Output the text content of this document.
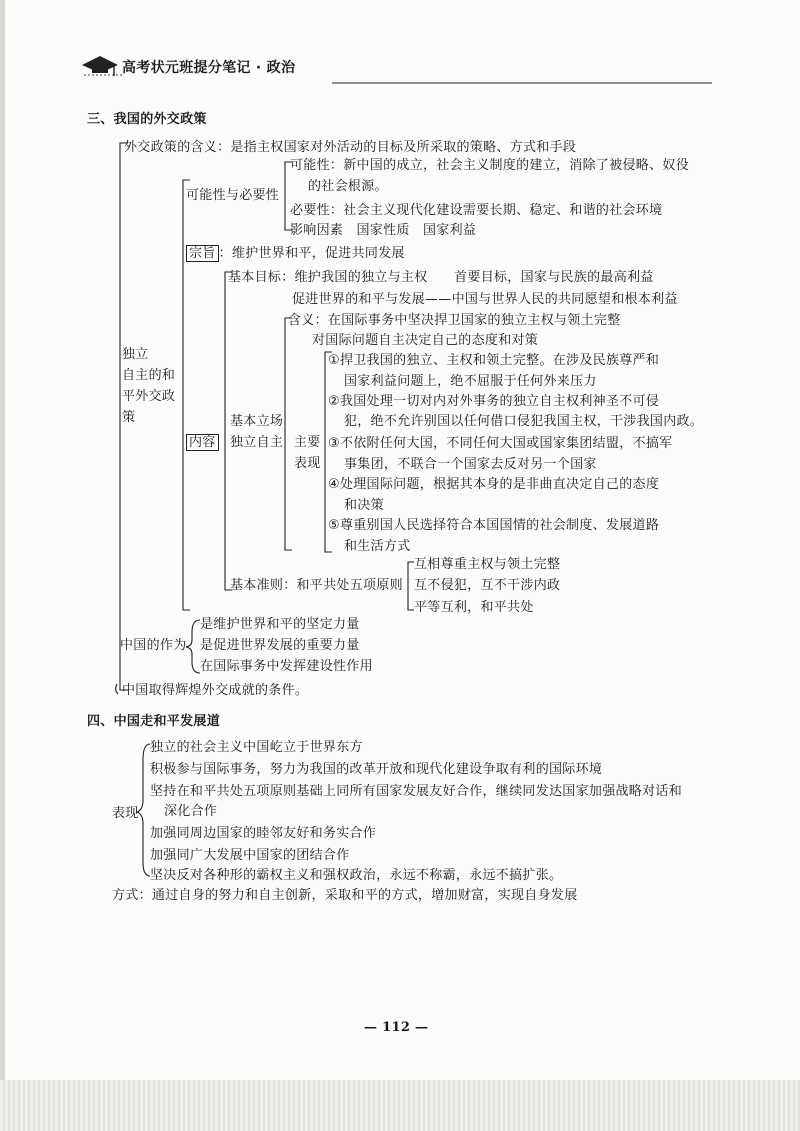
高考状元班提分笔记 · 政治
三、我国的外交政策
外交政策的含义：是指主权国家对外活动的目标及所采取的策略、方式和手段
可能性与必要性
可能性：新中国的成立，社会主义制度的建立，消除了被侵略、奴役
的社会根源。
必要性：社会主义现代化建设需要长期、稳定、和谐的社会环境
影响因素　国家性质　国家利益
宗旨 ：维护世界和平，促进共同发展
独立
自主的和
平外交政
策
内容
基本目标：维护我国的独立与主权　　首要目标，国家与民族的最高利益
促进世界的和平与发展——中国与世界人民的共同愿望和根本利益
基本立场
独立自主
含义：在国际事务中坚决捍卫国家的独立主权与领土完整
对国际问题自主决定自己的态度和对策
主要
表现
①捍卫我国的独立、主权和领土完整。在涉及民族尊严和
国家利益问题上，绝不屈服于任何外来压力
②我国处理一切对内对外事务的独立自主权利神圣不可侵
犯，绝不允许别国以任何借口侵犯我国主权，干涉我国内政。
③不依附任何大国，不同任何大国或国家集团结盟，不搞军
事集团，不联合一个国家去反对另一个国家
④处理国际问题，根据其本身的是非曲直决定自己的态度
和决策
⑤尊重别国人民选择符合本国国情的社会制度、发展道路
和生活方式
基本准则：和平共处五项原则
互相尊重主权与领土完整
互不侵犯，互不干涉内政
平等互利，和平共处
中国的作为
是维护世界和平的坚定力量
是促进世界发展的重要力量
在国际事务中发挥建设性作用
中国取得辉煌外交成就的条件。
四、中国走和平发展道
表现
独立的社会主义中国屹立于世界东方
积极参与国际事务，努力为我国的改革开放和现代化建设争取有利的国际环境
坚持在和平共处五项原则基础上同所有国家发展友好合作，继续同发达国家加强战略对话和
深化合作
加强同周边国家的睦邻友好和务实合作
加强同广大发展中国家的团结合作
坚决反对各种形的霸权主义和强权政治，永远不称霸，永远不搞扩张。
方式：通过自身的努力和自主创新，采取和平的方式，增加财富，实现自身发展
— 112 —
